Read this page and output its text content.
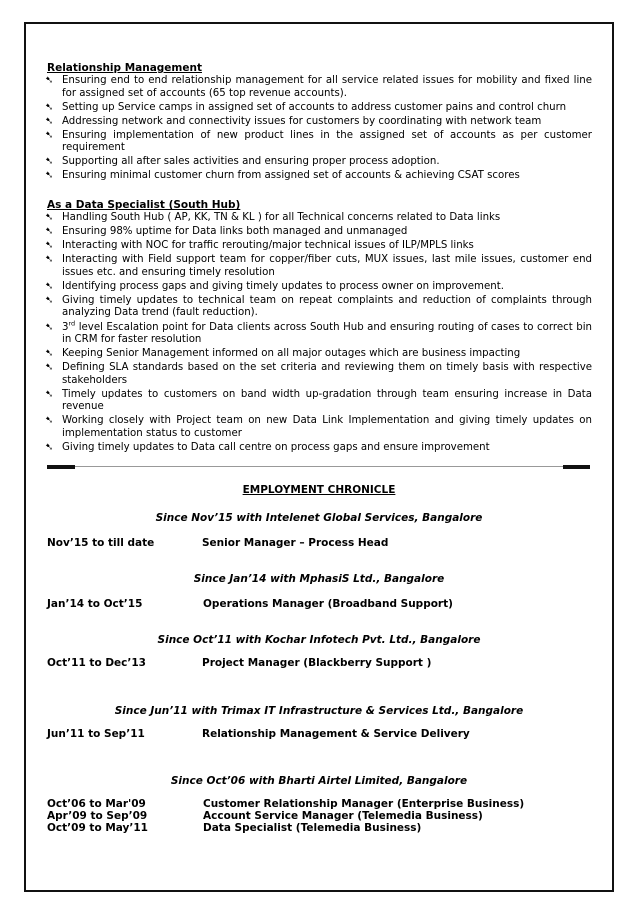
Relationship Management
➷ Ensuring end to end relationship management for all service related issues for mobility and fixed line for assigned set of accounts (65 top revenue accounts).
➷ Setting up Service camps in assigned set of accounts to address customer pains and control churn
➷ Addressing network and connectivity issues for customers by coordinating with network team
➷ Ensuring implementation of new product lines in the assigned set of accounts as per customer requirement
➷ Supporting all after sales activities and ensuring proper process adoption.
➷ Ensuring minimal customer churn from assigned set of accounts & achieving CSAT scores
As a Data Specialist (South Hub)
➷ Handling South Hub ( AP, KK, TN & KL ) for all Technical concerns related to Data links
➷ Ensuring 98% uptime for Data links both managed and unmanaged
➷ Interacting with NOC for traffic rerouting/major technical issues of ILP/MPLS links
➷ Interacting with Field support team for copper/fiber cuts, MUX issues, last mile issues, customer end issues etc. and ensuring timely resolution
➷ Identifying process gaps and giving timely updates to process owner on improvement.
➷ Giving timely updates to technical team on repeat complaints and reduction of complaints through analyzing Data trend (fault reduction).
➷ 3rd level Escalation point for Data clients across South Hub and ensuring routing of cases to correct bin in CRM for faster resolution
➷ Keeping Senior Management informed on all major outages which are business impacting
➷ Defining SLA standards based on the set criteria and reviewing them on timely basis with respective stakeholders
➷ Timely updates to customers on band width up-gradation through team ensuring increase in Data revenue
➷ Working closely with Project team on new Data Link Implementation and giving timely updates on implementation status to customer
➷ Giving timely updates to Data call centre on process gaps and ensure improvement
EMPLOYMENT CHRONICLE
Since Nov’15 with Intelenet Global Services, Bangalore
Nov’15 to till date	Senior Manager – Process Head
Since Jan’14 with MphasiS Ltd., Bangalore
Jan’14 to Oct’15	Operations Manager (Broadband Support)
Since Oct’11 with Kochar Infotech Pvt. Ltd., Bangalore
Oct’11 to Dec’13	Project Manager (Blackberry Support )
Since Jun’11 with Trimax IT Infrastructure & Services Ltd., Bangalore
Jun’11 to Sep’11	Relationship Management & Service Delivery
Since Oct’06 with Bharti Airtel Limited, Bangalore
Oct’06 to Mar'09	Customer Relationship Manager (Enterprise Business)
Apr’09 to Sep’09	Account Service Manager (Telemedia Business)
Oct’09 to May’11	Data Specialist (Telemedia Business)
